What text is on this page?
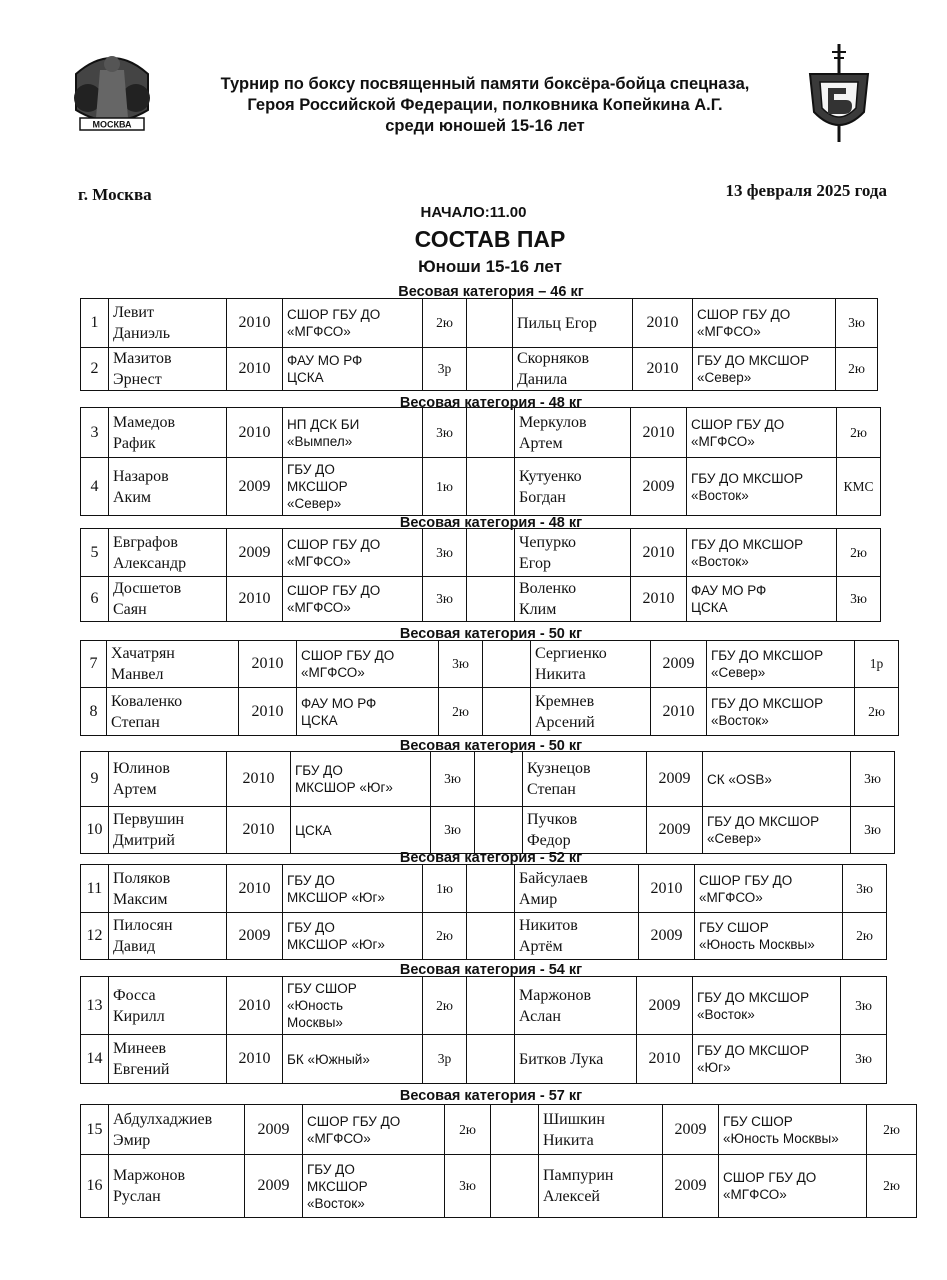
МОСКВА
СБОРНАЯ БОКСА
Турнир по боксу посвященный памяти боксёра-бойца спецназа,
Героя Российской Федерации, полковника Копейкина А.Г.
среди юношей 15-16 лет
г. Москва	13 февраля 2025 года
НАЧАЛО:11.00
СОСТАВ ПАР
Юноши 15-16 лет
Весовая категория – 46 кг
1	Левит
Даниэль	2010	СШОР ГБУ ДО
«МГФСО»	2ю		Пильц Егор	2010	СШОР ГБУ ДО
«МГФСО»	3ю
2	Мазитов
Эрнест	2010	ФАУ МО РФ
ЦСКА	3р		Скорняков
Данила	2010	ГБУ ДО МКСШОР
«Север»	2ю
Весовая категория - 48 кг
3	Мамедов
Рафик	2010	НП ДСК БИ
«Вымпел»	3ю		Меркулов
Артем	2010	СШОР ГБУ ДО
«МГФСО»	2ю
4	Назаров
Аким	2009	ГБУ ДО
МКСШОР
«Север»	1ю		Кутуенко
Богдан	2009	ГБУ ДО МКСШОР
«Восток»	КМС
Весовая категория - 48 кг
5	Евграфов
Александр	2009	СШОР ГБУ ДО
«МГФСО»	3ю		Чепурко
Егор	2010	ГБУ ДО МКСШОР
«Восток»	2ю
6	Досшетов
Саян	2010	СШОР ГБУ ДО
«МГФСО»	3ю		Воленко
Клим	2010	ФАУ МО РФ
ЦСКА	3ю
Весовая категория - 50 кг
7	Хачатрян
Манвел	2010	СШОР ГБУ ДО
«МГФСО»	3ю		Сергиенко
Никита	2009	ГБУ ДО МКСШОР
«Север»	1р
8	Коваленко
Степан	2010	ФАУ МО РФ
ЦСКА	2ю		Кремнев
Арсений	2010	ГБУ ДО МКСШОР
«Восток»	2ю
Весовая категория - 50 кг
9	Юлинов
Артем	2010	ГБУ ДО
МКСШОР «Юг»	3ю		Кузнецов
Степан	2009	СК «OSB»	3ю
10	Первушин
Дмитрий	2010	ЦСКА	3ю		Пучков
Федор	2009	ГБУ ДО МКСШОР
«Север»	3ю
Весовая категория - 52 кг
11	Поляков
Максим	2010	ГБУ ДО
МКСШОР «Юг»	1ю		Байсулаев
Амир	2010	СШОР ГБУ ДО
«МГФСО»	3ю
12	Пилосян
Давид	2009	ГБУ ДО
МКСШОР «Юг»	2ю		Никитов
Артём	2009	ГБУ СШОР
«Юность Москвы»	2ю
Весовая категория - 54 кг
13	Фосса
Кирилл	2010	ГБУ СШОР
«Юность
Москвы»	2ю		Маржонов
Аслан	2009	ГБУ ДО МКСШОР
«Восток»	3ю
14	Минеев
Евгений	2010	БК «Южный»	3р		Битков Лука	2010	ГБУ ДО МКСШОР
«Юг»	3ю
Весовая категория - 57 кг
15	Абдулхаджиев
Эмир	2009	СШОР ГБУ ДО
«МГФСО»	2ю		Шишкин
Никита	2009	ГБУ СШОР
«Юность Москвы»	2ю
16	Маржонов
Руслан	2009	ГБУ ДО
МКСШОР
«Восток»	3ю		Пампурин
Алексей	2009	СШОР ГБУ ДО
«МГФСО»	2ю
